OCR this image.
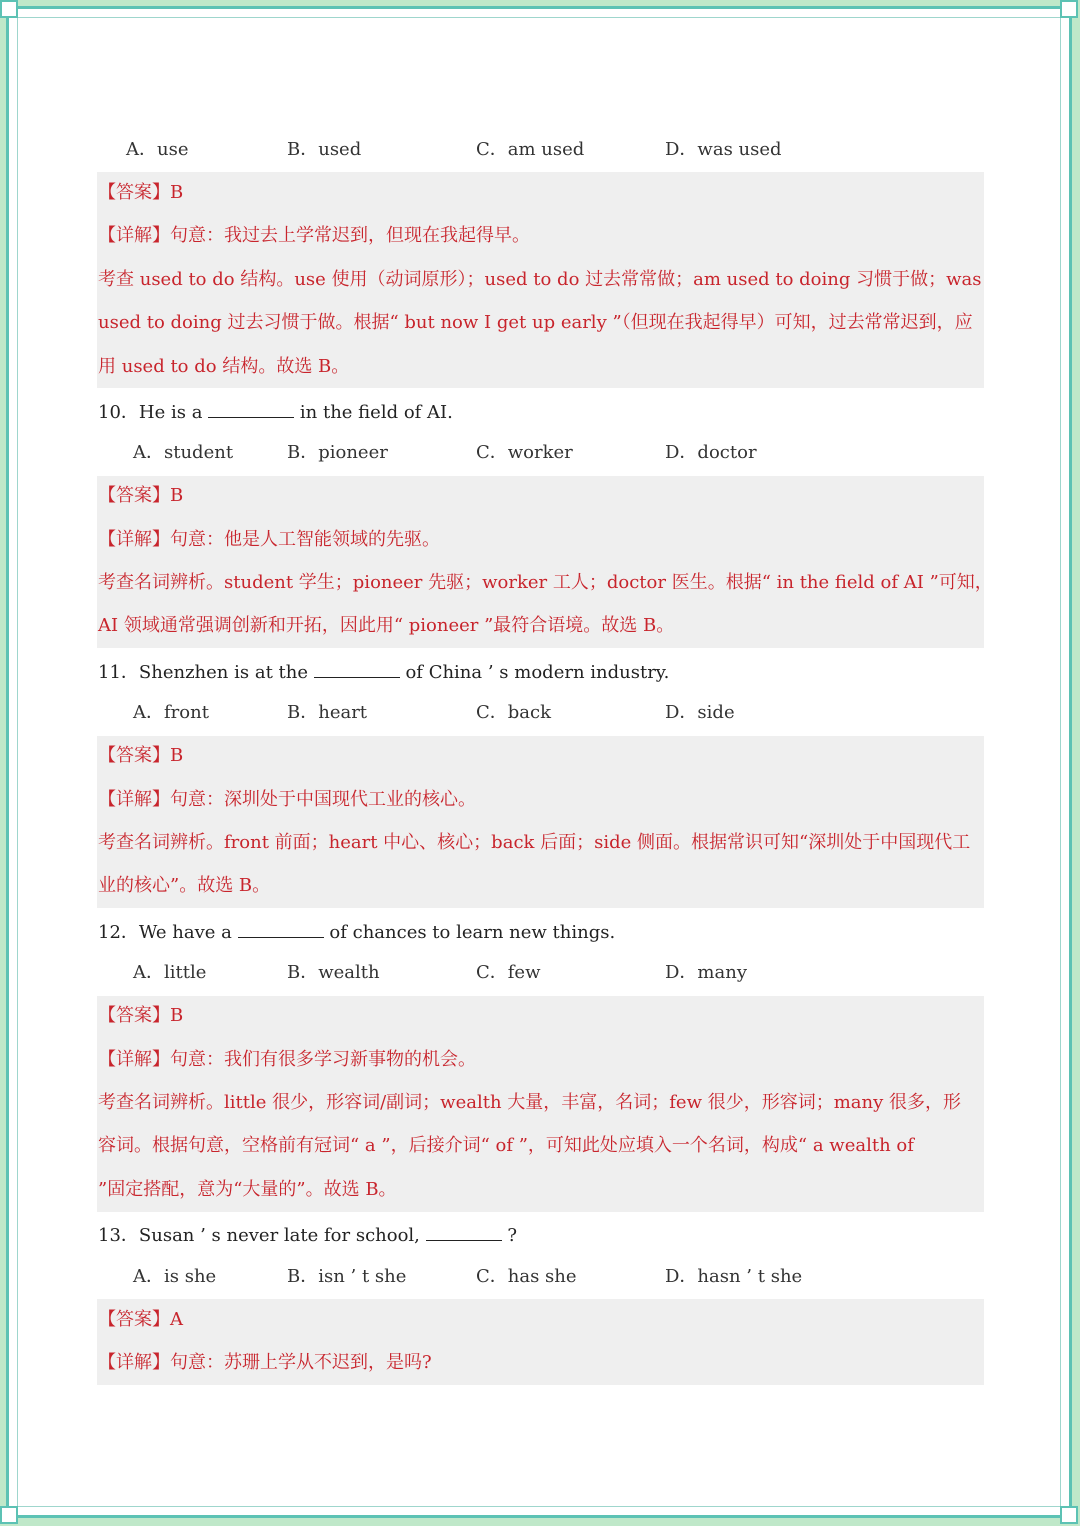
A．use	B．used	C．am used	D．was used
【答案】B
【详解】句意：我过去上学常迟到，但现在我起得早。
考查 used to do 结构。use 使用（动词原形）；used to do 过去常常做；am used to doing 习惯于做；was
used to doing 过去习惯于做。根据“ but now I get up early ”（但现在我起得早）可知，过去常常迟到，应
用 used to do 结构。故选 B。
10．He is a	in the field of AI.
A．student	B．pioneer	C．worker	D．doctor
【答案】B
【详解】句意：他是人工智能领域的先驱。
考查名词辨析。student 学生；pioneer 先驱；worker 工人；doctor 医生。根据“ in the field of AI ”可知，
AI 领域通常强调创新和开拓，因此用“ pioneer ”最符合语境。故选 B。
11．Shenzhen is at the	of China ’ s modern industry.
A．front	B．heart	C．back	D．side
【答案】B
【详解】句意：深圳处于中国现代工业的核心。
考查名词辨析。front 前面；heart 中心、核心；back 后面；side 侧面。根据常识可知“深圳处于中国现代工
业的核心”。故选 B。
12．We have a	of chances to learn new things.
A．little	B．wealth	C．few	D．many
【答案】B
【详解】句意：我们有很多学习新事物的机会。
考查名词辨析。little 很少，形容词/副词；wealth 大量，丰富，名词；few 很少，形容词；many 很多，形
容词。根据句意，空格前有冠词“ a ”，后接介词“ of ”，可知此处应填入一个名词，构成“ a wealth of
”固定搭配，意为“大量的”。故选 B。
13．Susan ’ s never late for school,	?
A．is she	B．isn ’ t she	C．has she	D．hasn ’ t she
【答案】A
【详解】句意：苏珊上学从不迟到，是吗?
